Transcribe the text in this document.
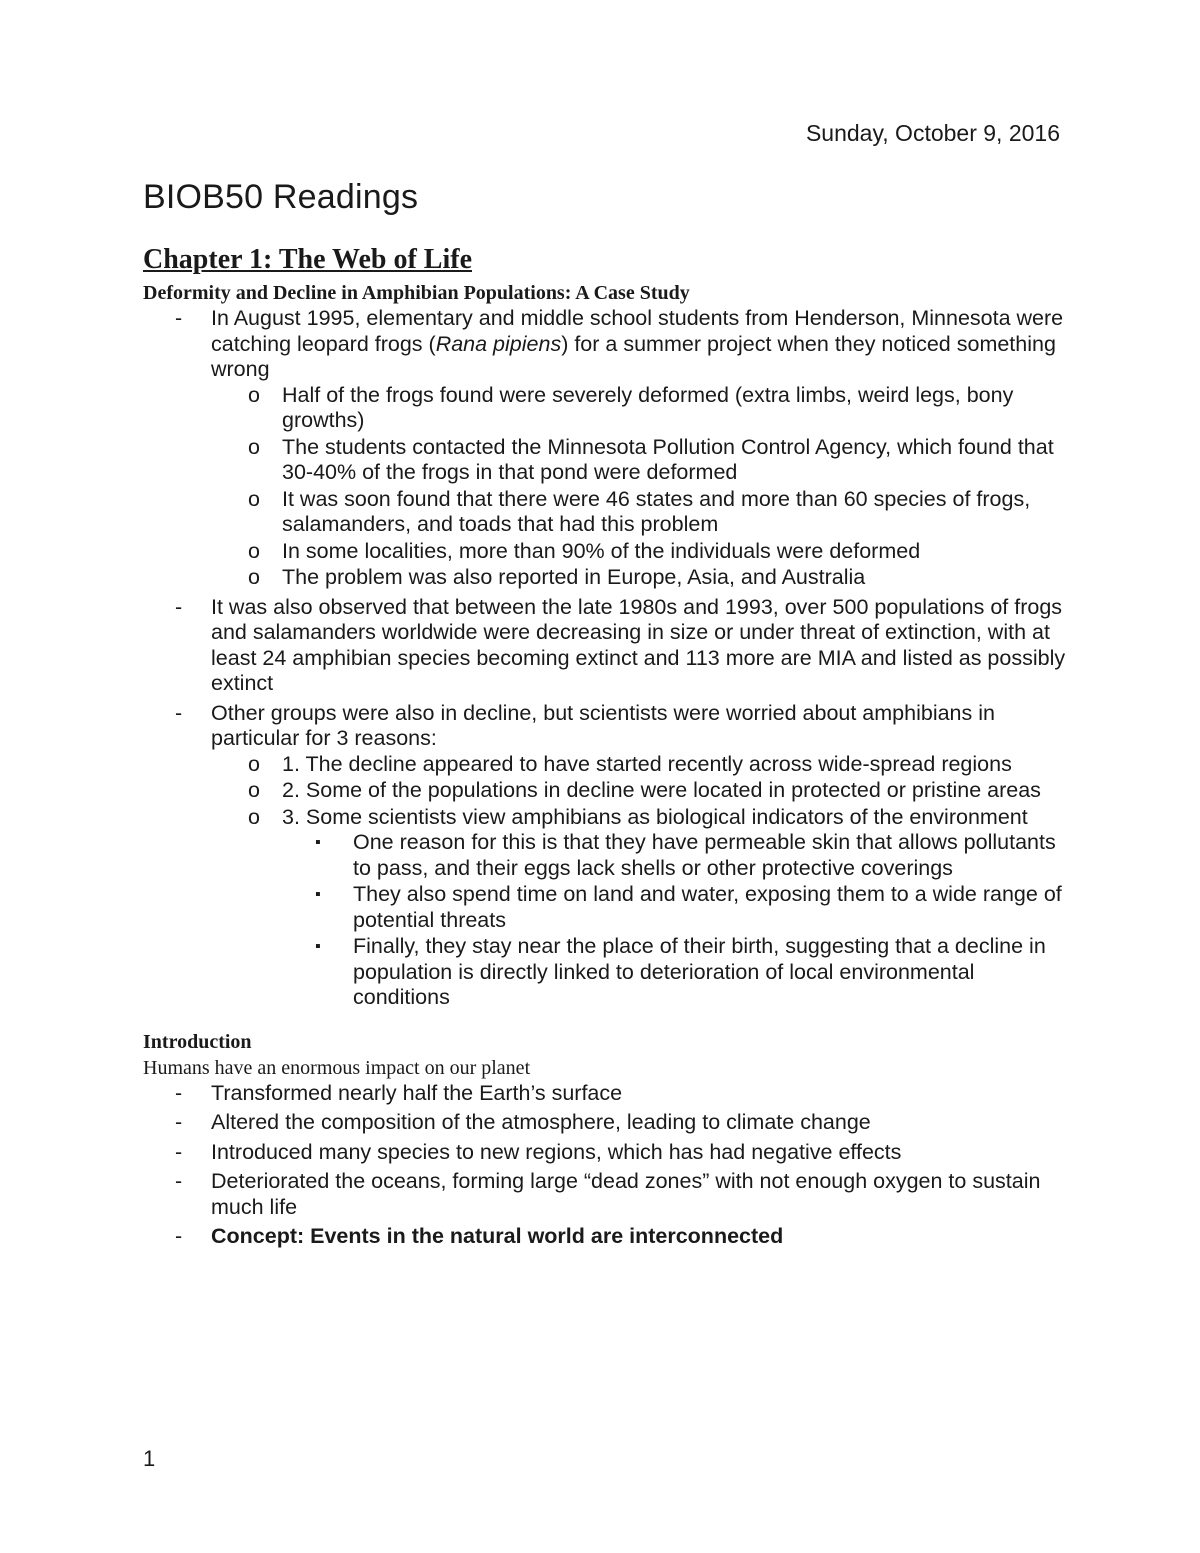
Sunday, October 9, 2016
BIOB50 Readings
Chapter 1: The Web of Life

Deformity and Decline in Amphibian Populations: A Case Study

- In August 1995, elementary and middle school students from Henderson, Minnesota were catching leopard frogs (Rana pipiens) for a summer project when they noticed something wrong
o Half of the frogs found were severely deformed (extra limbs, weird legs, bony growths)
o The students contacted the Minnesota Pollution Control Agency, which found that 30-40% of the frogs in that pond were deformed
o It was soon found that there were 46 states and more than 60 species of frogs, salamanders, and toads that had this problem
o In some localities, more than 90% of the individuals were deformed
o The problem was also reported in Europe, Asia, and Australia
- It was also observed that between the late 1980s and 1993, over 500 populations of frogs and salamanders worldwide were decreasing in size or under threat of extinction, with at least 24 amphibian species becoming extinct and 113 more are MIA and listed as possibly extinct
- Other groups were also in decline, but scientists were worried about amphibians in particular for 3 reasons:
o 1. The decline appeared to have started recently across wide-spread regions
o 2. Some of the populations in decline were located in protected or pristine areas
o 3. Some scientists view amphibians as biological indicators of the environment
▪ One reason for this is that they have permeable skin that allows pollutants to pass, and their eggs lack shells or other protective coverings
▪ They also spend time on land and water, exposing them to a wide range of potential threats
▪ Finally, they stay near the place of their birth, suggesting that a decline in population is directly linked to deterioration of local environmental conditions

Introduction

Humans have an enormous impact on our planet

- Transformed nearly half the Earth’s surface
- Altered the composition of the atmosphere, leading to climate change
- Introduced many species to new regions, which has had negative effects
- Deteriorated the oceans, forming large “dead zones” with not enough oxygen to sustain much life
- Concept: Events in the natural world are interconnected
1
